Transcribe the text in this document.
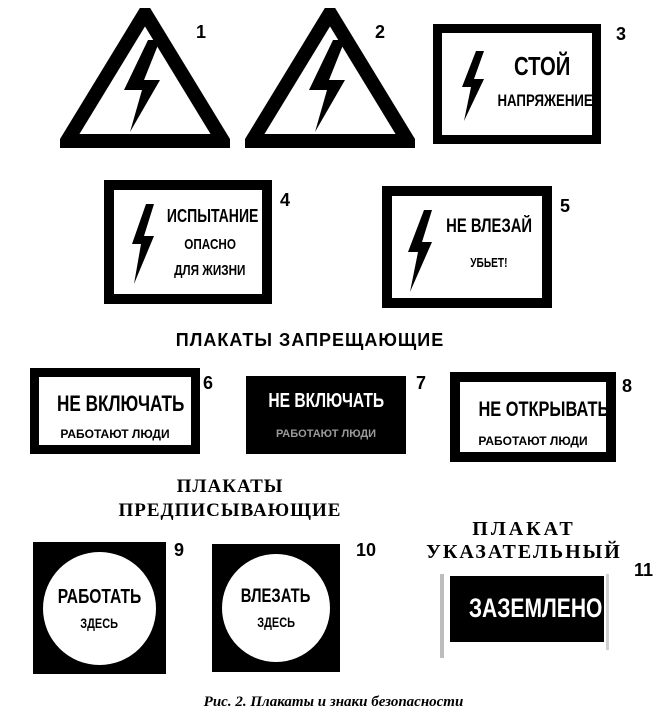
1	2
СТОЙ
НАПРЯЖЕНИЕ
3
ИСПЫТАНИЕ
ОПАСНО
ДЛЯ ЖИЗНИ
4
НЕ ВЛЕЗАЙ
УБЬЕТ!
5
ПЛАКАТЫ ЗАПРЕЩАЮЩИЕ
НЕ ВКЛЮЧАТЬ
РАБОТАЮТ ЛЮДИ
6
НЕ ВКЛЮЧАТЬ
РАБОТАЮТ ЛЮДИ
7
НЕ ОТКРЫВАТЬ
РАБОТАЮТ ЛЮДИ
8
ПЛАКАТЫ
ПРЕДПИСЫВАЮЩИЕ
РАБОТАТЬ
ЗДЕСЬ
9
ВЛЕЗАТЬ
ЗДЕСЬ
10
ПЛАКАТ
УКАЗАТЕЛЬНЫЙ
11
ЗАЗЕМЛЕНО
Рис. 2. Плакаты и знаки безопасности
